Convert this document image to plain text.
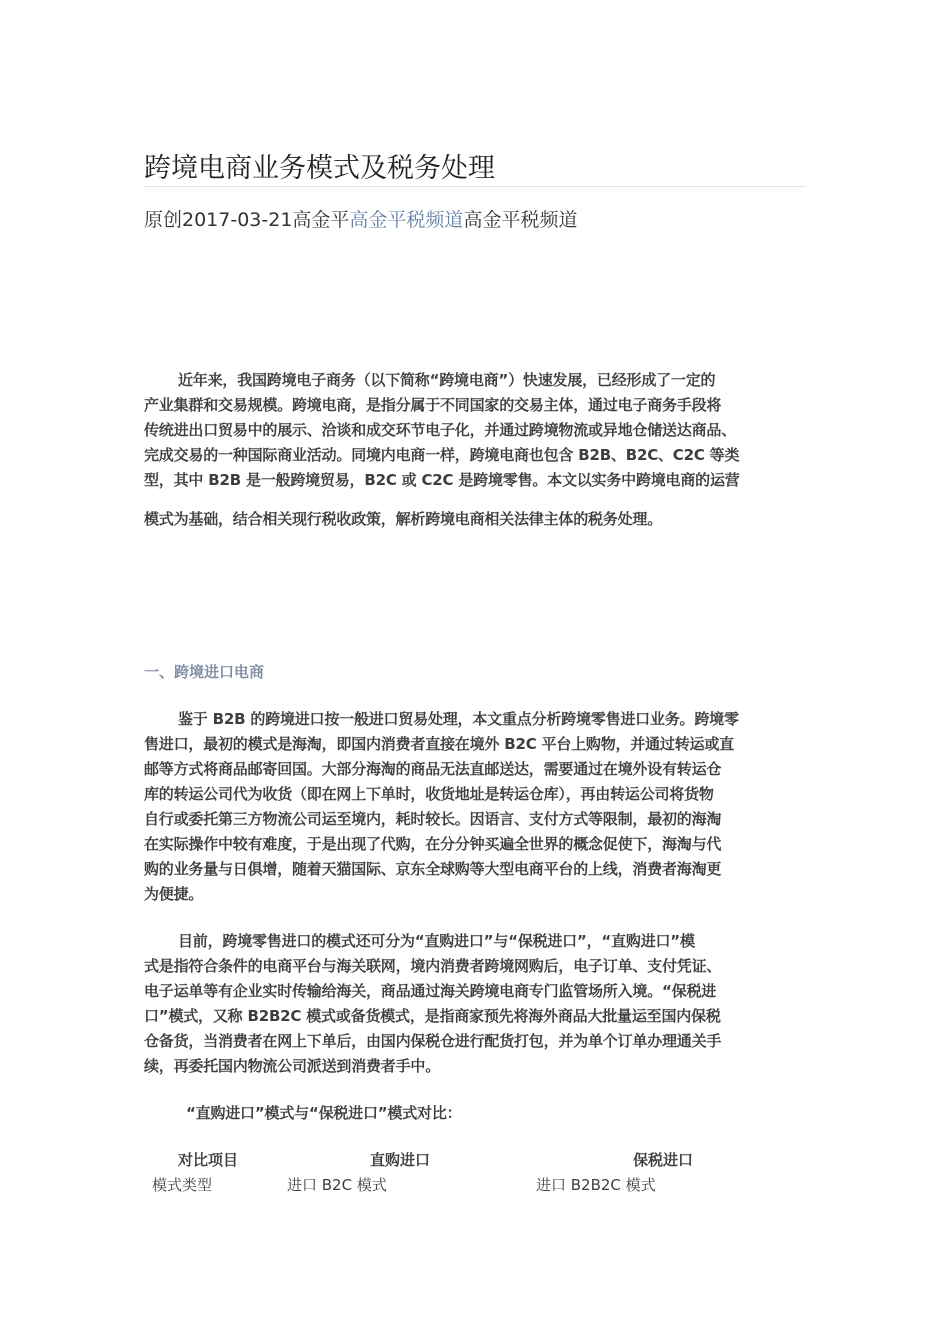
跨境电商业务模式及税务处理
原创2017-03-21高金平高金平税频道高金平税频道
近年来，我国跨境电子商务（以下简称“跨境电商”）快速发展，已经形成了一定的
产业集群和交易规模。跨境电商，是指分属于不同国家的交易主体，通过电子商务手段将
传统进出口贸易中的展示、洽谈和成交环节电子化，并通过跨境物流或异地仓储送达商品、
完成交易的一种国际商业活动。同境内电商一样，跨境电商也包含 B2B、B2C、C2C 等类
型，其中 B2B 是一般跨境贸易，B2C 或 C2C 是跨境零售。本文以实务中跨境电商的运营
模式为基础，结合相关现行税收政策，解析跨境电商相关法律主体的税务处理。
一、跨境进口电商
鉴于 B2B 的跨境进口按一般进口贸易处理，本文重点分析跨境零售进口业务。跨境零
售进口，最初的模式是海淘，即国内消费者直接在境外 B2C 平台上购物，并通过转运或直
邮等方式将商品邮寄回国。大部分海淘的商品无法直邮送达，需要通过在境外设有转运仓
库的转运公司代为收货（即在网上下单时，收货地址是转运仓库），再由转运公司将货物
自行或委托第三方物流公司运至境内，耗时较长。因语言、支付方式等限制，最初的海淘
在实际操作中较有难度，于是出现了代购，在分分钟买遍全世界的概念促使下，海淘与代
购的业务量与日俱增，随着天猫国际、京东全球购等大型电商平台的上线，消费者海淘更
为便捷。
目前，跨境零售进口的模式还可分为“直购进口”与“保税进口”，“直购进口”模
式是指符合条件的电商平台与海关联网，境内消费者跨境网购后，电子订单、支付凭证、
电子运单等有企业实时传输给海关，商品通过海关跨境电商专门监管场所入境。“保税进
口”模式，又称 B2B2C 模式或备货模式，是指商家预先将海外商品大批量运至国内保税
仓备货，当消费者在网上下单后，由国内保税仓进行配货打包，并为单个订单办理通关手
续，再委托国内物流公司派送到消费者手中。
“直购进口”模式与“保税进口”模式对比：
对比项目	直购进口	保税进口
模式类型	进口 B2C 模式	进口 B2B2C 模式
